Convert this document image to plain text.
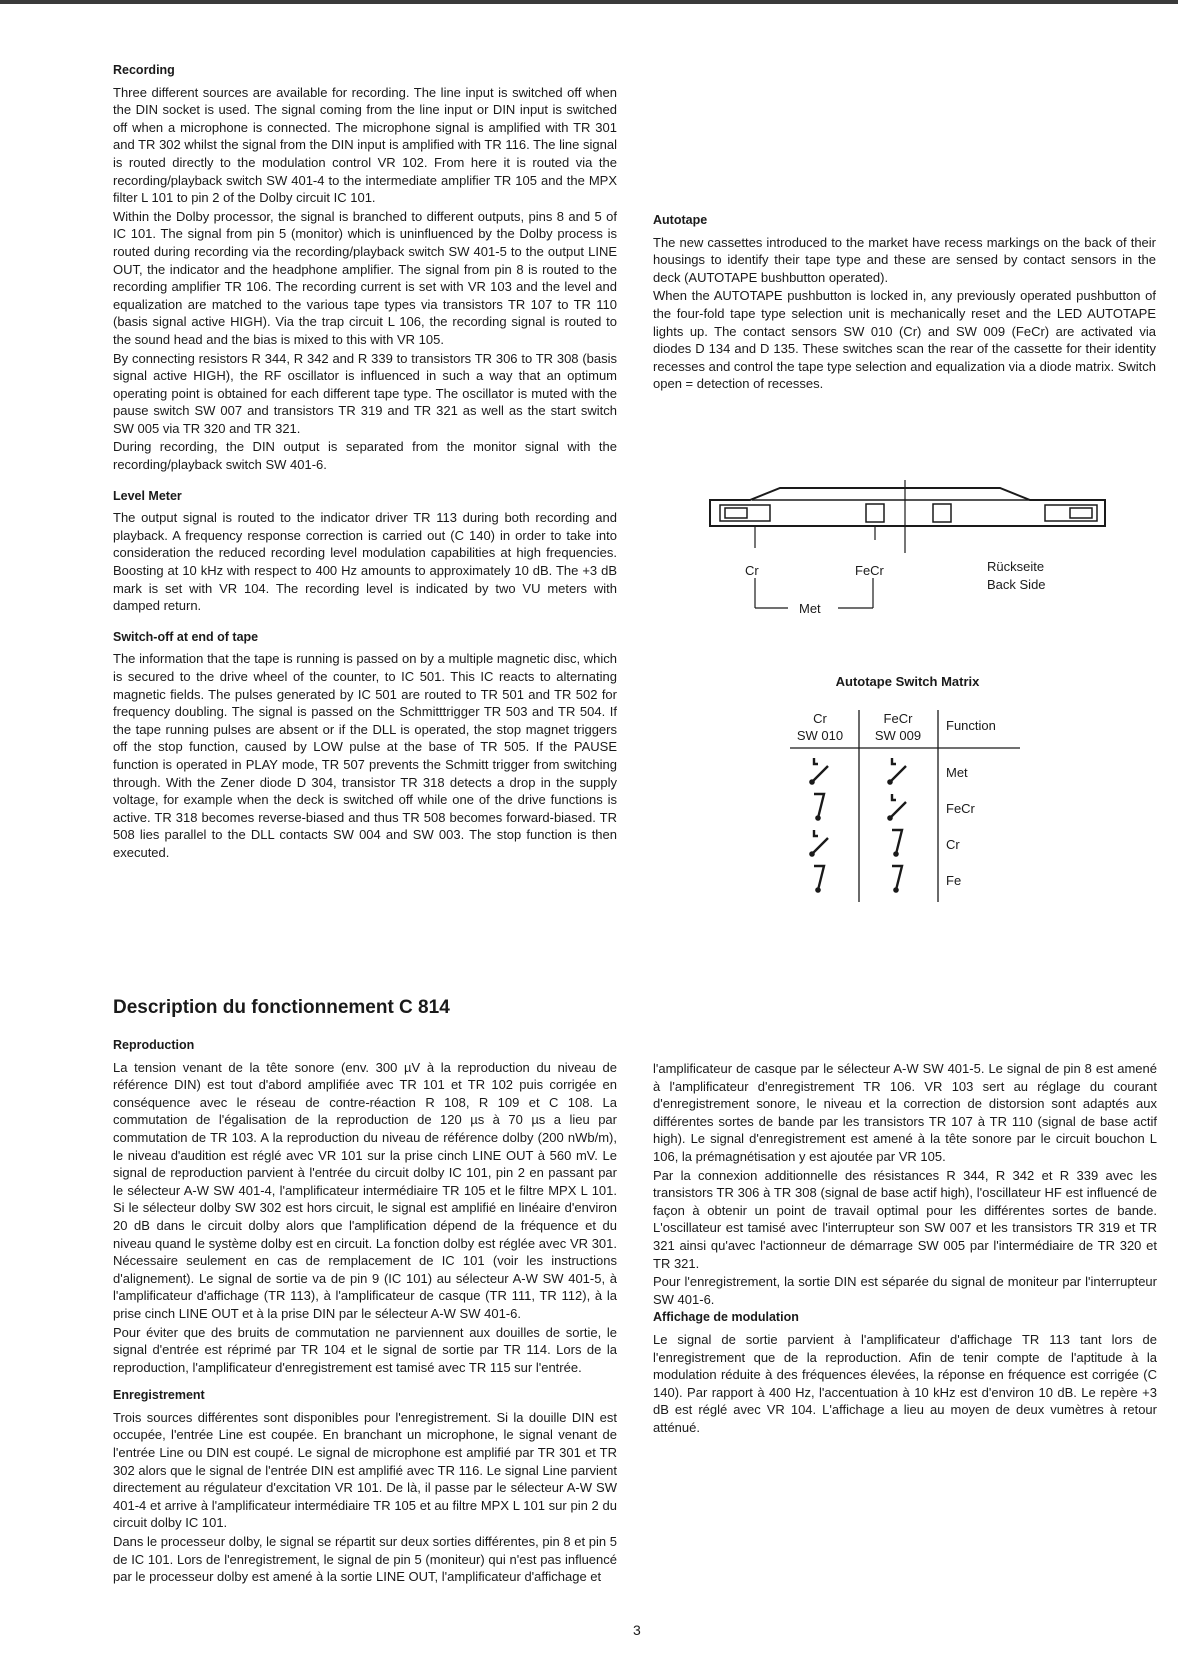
Recording

Three different sources are available for recording. The line input is switched off when the DIN socket is used. The signal coming from the line input or DIN input is switched off when a microphone is connected. The microphone signal is amplified with TR 301 and TR 302 whilst the signal from the DIN input is amplified with TR 116. The line signal is routed directly to the modulation control VR 102. From here it is routed via the recording/playback switch SW 401-4 to the intermediate amplifier TR 105 and the MPX filter L 101 to pin 2 of the Dolby circuit IC 101.

Within the Dolby processor, the signal is branched to different outputs, pins 8 and 5 of IC 101. The signal from pin 5 (monitor) which is uninfluenced by the Dolby process is routed during recording via the recording/playback switch SW 401-5 to the output LINE OUT, the indicator and the headphone amplifier. The signal from pin 8 is routed to the recording amplifier TR 106. The recording current is set with VR 103 and the level and equalization are matched to the various tape types via transistors TR 107 to TR 110 (basis signal active HIGH). Via the trap circuit L 106, the recording signal is routed to the sound head and the bias is mixed to this with VR 105.

By connecting resistors R 344, R 342 and R 339 to transistors TR 306 to TR 308 (basis signal active HIGH), the RF oscillator is influenced in such a way that an optimum operating point is obtained for each different tape type. The oscillator is muted with the pause switch SW 007 and transistors TR 319 and TR 321 as well as the start switch SW 005 via TR 320 and TR 321.

During recording, the DIN output is separated from the monitor signal with the recording/playback switch SW 401-6.

Level Meter

The output signal is routed to the indicator driver TR 113 during both recording and playback. A frequency response correction is carried out (C 140) in order to take into consideration the reduced recording level modulation capabilities at high frequencies. Boosting at 10 kHz with respect to 400 Hz amounts to approximately 10 dB. The +3 dB mark is set with VR 104. The recording level is indicated by two VU meters with damped return.

Switch-off at end of tape

The information that the tape is running is passed on by a multiple magnetic disc, which is secured to the drive wheel of the counter, to IC 501. This IC reacts to alternating magnetic fields. The pulses generated by IC 501 are routed to TR 501 and TR 502 for frequency doubling. The signal is passed on the Schmitttrigger TR 503 and TR 504. If the tape running pulses are absent or if the DLL is operated, the stop magnet triggers off the stop function, caused by LOW pulse at the base of TR 505. If the PAUSE function is operated in PLAY mode, TR 507 prevents the Schmitt trigger from switching through. With the Zener diode D 304, transistor TR 318 detects a drop in the supply voltage, for example when the deck is switched off while one of the drive functions is active. TR 318 becomes reverse-biased and thus TR 508 becomes forward-biased. TR 508 lies parallel to the DLL contacts SW 004 and SW 003. The stop function is then executed.

Autotape

The new cassettes introduced to the market have recess markings on the back of their housings to identify their tape type and these are sensed by contact sensors in the deck (AUTOTAPE bushbutton operated).

When the AUTOTAPE pushbutton is locked in, any previously operated pushbutton of the four-fold tape type selection unit is mechanically reset and the LED AUTOTAPE lights up. The contact sensors SW 010 (Cr) and SW 009 (FeCr) are activated via diodes D 134 and D 135. These switches scan the rear of the cassette for their identity recesses and control the tape type selection and equalization via a diode matrix. Switch open = detection of recesses.

Cr	FeCr
Met
Rückseite
Back Side
Autotape Switch Matrix
Cr
SW 010
FeCr
SW 009
Function
Met
FeCr
Cr
Fe
Description du fonctionnement C 814
Reproduction

La tension venant de la tête sonore (env. 300 µV à la reproduction du niveau de référence DIN) est tout d'abord amplifiée avec TR 101 et TR 102 puis corrigée en conséquence avec le réseau de contre-réaction R 108, R 109 et C 108. La commutation de l'égalisation de la reproduction de 120 µs à 70 µs a lieu par commutation de TR 103. A la reproduction du niveau de référence dolby (200 nWb/m), le niveau d'audition est réglé avec VR 101 sur la prise cinch LINE OUT à 560 mV. Le signal de reproduction parvient à l'entrée du circuit dolby IC 101, pin 2 en passant par le sélecteur A-W SW 401-4, l'amplificateur intermédiaire TR 105 et le filtre MPX L 101. Si le sélecteur dolby SW 302 est hors circuit, le signal est amplifié en linéaire d'environ 20 dB dans le circuit dolby alors que l'amplification dépend de la fréquence et du niveau quand le système dolby est en circuit. La fonction dolby est réglée avec VR 301. Nécessaire seulement en cas de remplacement de IC 101 (voir les instructions d'alignement). Le signal de sortie va de pin 9 (IC 101) au sélecteur A-W SW 401-5, à l'amplificateur d'affichage (TR 113), à l'amplificateur de casque (TR 111, TR 112), à la prise cinch LINE OUT et à la prise DIN par le sélecteur A-W SW 401-6.

Pour éviter que des bruits de commutation ne parviennent aux douilles de sortie, le signal d'entrée est réprimé par TR 104 et le signal de sortie par TR 114. Lors de la reproduction, l'amplificateur d'enregistrement est tamisé avec TR 115 sur l'entrée.

Enregistrement

Trois sources différentes sont disponibles pour l'enregistrement. Si la douille DIN est occupée, l'entrée Line est coupée. En branchant un microphone, le signal venant de l'entrée Line ou DIN est coupé. Le signal de microphone est amplifié par TR 301 et TR 302 alors que le signal de l'entrée DIN est amplifié avec TR 116. Le signal Line parvient directement au régulateur d'excitation VR 101. De là, il passe par le sélecteur A-W SW 401-4 et arrive à l'amplificateur intermédiaire TR 105 et au filtre MPX L 101 sur pin 2 du circuit dolby IC 101.

Dans le processeur dolby, le signal se répartit sur deux sorties différentes, pin 8 et pin 5 de IC 101. Lors de l'enregistrement, le signal de pin 5 (moniteur) qui n'est pas influencé par le processeur dolby est amené à la sortie LINE OUT, l'amplificateur d'affichage et

3

l'amplificateur de casque par le sélecteur A-W SW 401-5. Le signal de pin 8 est amené à l'amplificateur d'enregistrement TR 106. VR 103 sert au réglage du courant d'enregistrement sonore, le niveau et la correction de distorsion sont adaptés aux différentes sortes de bande par les transistors TR 107 à TR 110 (signal de base actif high). Le signal d'enregistrement est amené à la tête sonore par le circuit bouchon L 106, la prémagnétisation y est ajoutée par VR 105.

Par la connexion additionnelle des résistances R 344, R 342 et R 339 avec les transistors TR 306 à TR 308 (signal de base actif high), l'oscillateur HF est influencé de façon à obtenir un point de travail optimal pour les différentes sortes de bande. L'oscillateur est tamisé avec l'interrupteur son SW 007 et les transistors TR 319 et TR 321 ainsi qu'avec l'actionneur de démarrage SW 005 par l'intermédiaire de TR 320 et TR 321.

Pour l'enregistrement, la sortie DIN est séparée du signal de moniteur par l'interrupteur SW 401-6.

Affichage de modulation

Le signal de sortie parvient à l'amplificateur d'affichage TR 113 tant lors de l'enregistrement que de la reproduction. Afin de tenir compte de l'aptitude à la modulation réduite à des fréquences élevées, la réponse en fréquence est corrigée (C 140). Par rapport à 400 Hz, l'accentuation à 10 kHz est d'environ 10 dB. Le repère +3 dB est réglé avec VR 104. L'affichage a lieu au moyen de deux vumètres à retour atténué.
